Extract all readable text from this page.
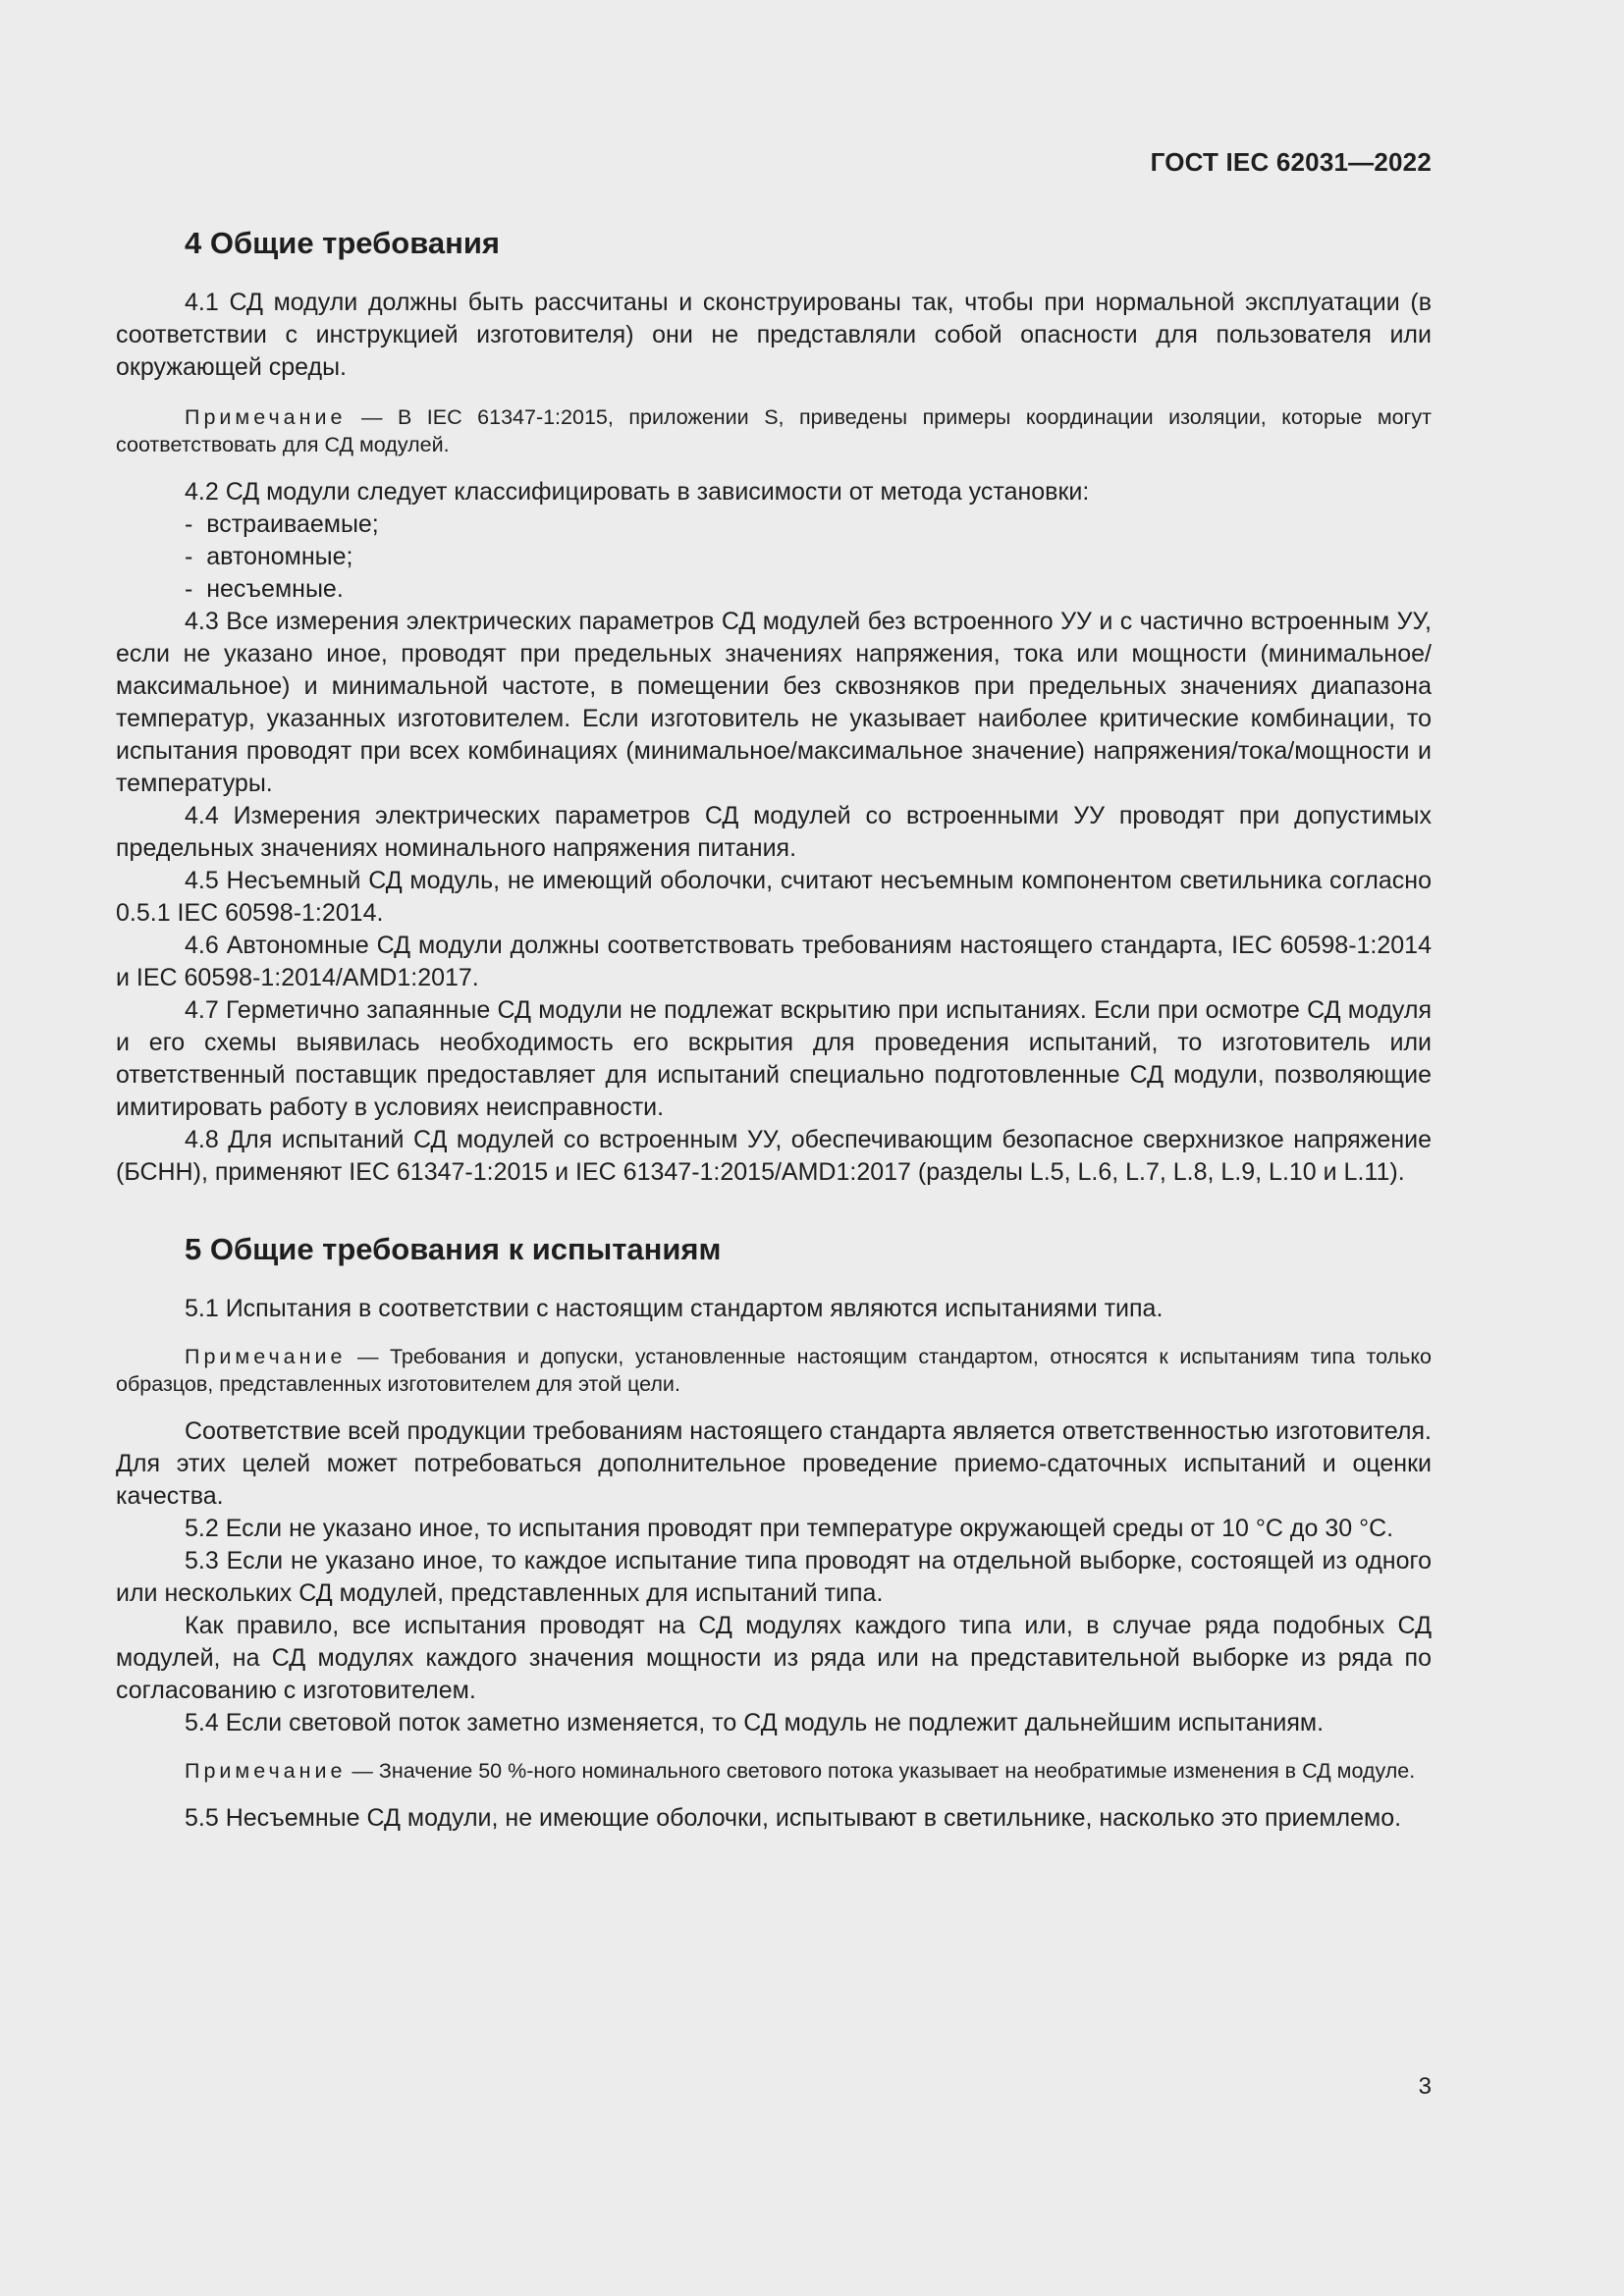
ГОСТ IEC 62031—2022
4 Общие требования

4.1 СД модули должны быть рассчитаны и сконструированы так, чтобы при нормальной эксплуатации (в соответствии с инструкцией изготовителя) они не представляли собой опасности для пользователя или окружающей среды.

Примечание — В IEC 61347-1:2015, приложении S, приведены примеры координации изоляции, которые могут соответствовать для СД модулей.

4.2 СД модули следует классифицировать в зависимости от метода установки:

-  встраиваемые;
-  автономные;
-  несъемные.

4.3 Все измерения электрических параметров СД модулей без встроенного УУ и с частично встроенным УУ, если не указано иное, проводят при предельных значениях напряжения, тока или мощности (минимальное/максимальное) и минимальной частоте, в помещении без сквозняков при предельных значениях диапазона температур, указанных изготовителем. Если изготовитель не указывает наиболее критические комбинации, то испытания проводят при всех комбинациях (минимальное/максимальное значение) напряжения/тока/мощности и температуры.

4.4 Измерения электрических параметров СД модулей со встроенными УУ проводят при допустимых предельных значениях номинального напряжения питания.

4.5 Несъемный СД модуль, не имеющий оболочки, считают несъемным компонентом светильника согласно 0.5.1 IEC 60598-1:2014.

4.6 Автономные СД модули должны соответствовать требованиям настоящего стандарта, IEC 60598-1:2014 и IEC 60598-1:2014/AMD1:2017.

4.7 Герметично запаянные СД модули не подлежат вскрытию при испытаниях. Если при осмотре СД модуля и его схемы выявилась необходимость его вскрытия для проведения испытаний, то изготовитель или ответственный поставщик предоставляет для испытаний специально подготовленные СД модули, позволяющие имитировать работу в условиях неисправности.

4.8 Для испытаний СД модулей со встроенным УУ, обеспечивающим безопасное сверхнизкое напряжение (БСНН), применяют IEC 61347-1:2015 и IEC 61347-1:2015/AMD1:2017 (разделы L.5, L.6, L.7, L.8, L.9, L.10 и L.11).

5 Общие требования к испытаниям

5.1 Испытания в соответствии с настоящим стандартом являются испытаниями типа.

Примечание — Требования и допуски, установленные настоящим стандартом, относятся к испытаниям типа только образцов, представленных изготовителем для этой цели.

Соответствие всей продукции требованиям настоящего стандарта является ответственностью изготовителя. Для этих целей может потребоваться дополнительное проведение приемо-сдаточных испытаний и оценки качества.

5.2 Если не указано иное, то испытания проводят при температуре окружающей среды от 10 °C до 30 °C.

5.3 Если не указано иное, то каждое испытание типа проводят на отдельной выборке, состоящей из одного или нескольких СД модулей, представленных для испытаний типа.

Как правило, все испытания проводят на СД модулях каждого типа или, в случае ряда подобных СД модулей, на СД модулях каждого значения мощности из ряда или на представительной выборке из ряда по согласованию с изготовителем.

5.4 Если световой поток заметно изменяется, то СД модуль не подлежит дальнейшим испытаниям.

Примечание — Значение 50 %-ного номинального светового потока указывает на необратимые изменения в СД модуле.

5.5 Несъемные СД модули, не имеющие оболочки, испытывают в светильнике, насколько это приемлемо.

3
